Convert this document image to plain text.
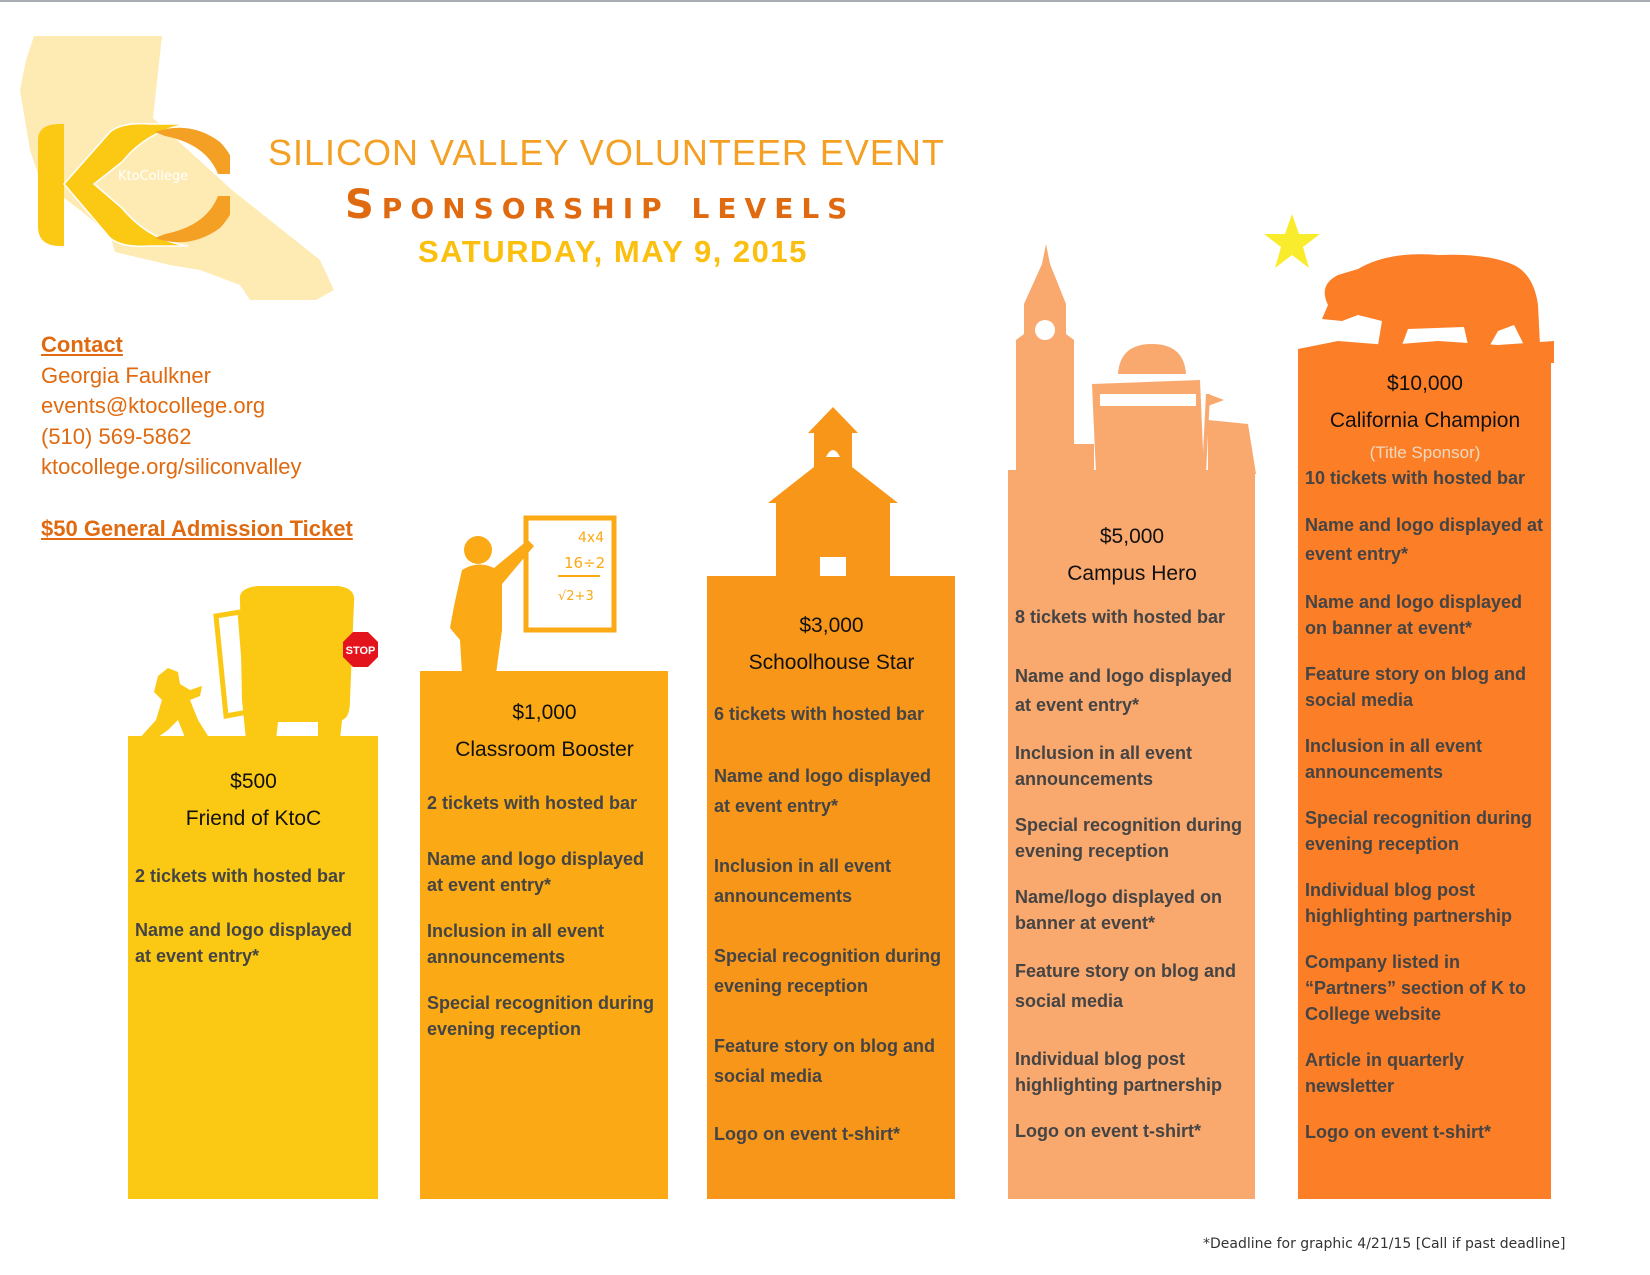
KtoCollege
SILICON VALLEY VOLUNTEER EVENT
Sponsorship levels
SATURDAY, MAY 9, 2015
Contact
Georgia Faulkner
events@ktocollege.org
(510) 569-5862
ktocollege.org/siliconvalley
$50 General Admission Ticket
STOP
4x4
16÷2
√2+3
$500
Friend of KtoC
2 tickets with hosted bar
Name and logo displayed at event entry*
$1,000
Classroom Booster
2 tickets with hosted bar
Name and logo displayed at event entry*
Inclusion in all event announcements
Special recognition during evening reception
$3,000
Schoolhouse Star
6 tickets with hosted bar
Name and logo displayed at event entry*
Inclusion in all event announcements
Special recognition during evening reception
Feature story on blog and social media
Logo on event t-shirt*
$5,000
Campus Hero
8 tickets with hosted bar
Name and logo displayed at event entry*
Inclusion in all event announcements
Special recognition during evening reception
Name/logo displayed on banner at event*
Feature story on blog and social media
Individual blog post highlighting partnership
Logo on event t-shirt*
$10,000
California Champion
(Title Sponsor)
10 tickets with hosted bar
Name and logo displayed at event entry*
Name and logo displayed on banner at event*
Feature story on blog and social media
Inclusion in all event announcements
Special recognition during evening reception
Individual blog post highlighting partnership
Company listed in “Partners” section of K to College website
Article in quarterly newsletter
Logo on event t-shirt*
*Deadline for graphic 4/21/15 [Call if past deadline]
